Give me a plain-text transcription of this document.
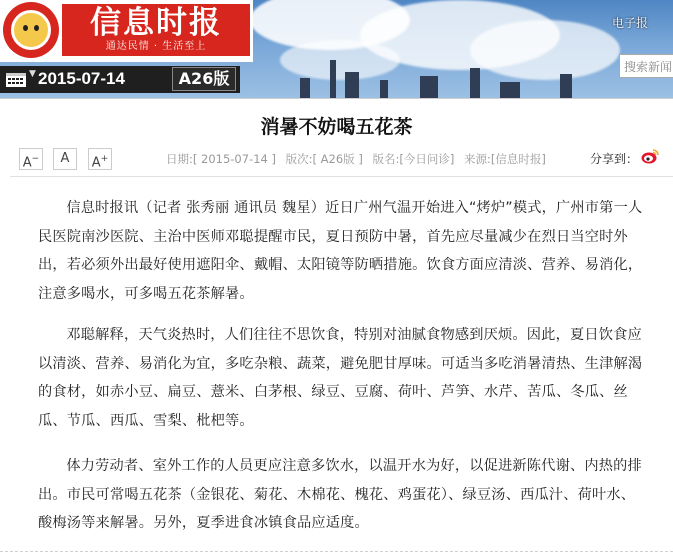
信息时报
通达民情 · 生活至上
▼ 2015-07-14	A26版
电子报
搜索新闻
消暑不妨喝五花茶
A−	A	A+	日期:[ 2015-07-14 ] 版次:[ A26版 ] 版名:[今日问诊] 来源:[信息时报]	分享到：

信息时报讯（记者 张秀丽 通讯员 魏星）近日广州气温开始进入“烤炉”模式，广州市第一人民医院南沙医院、主治中医师邓聪提醒市民，夏日预防中暑，首先应尽量减少在烈日当空时外出，若必须外出最好使用遮阳伞、戴帽、太阳镜等防晒措施。饮食方面应清淡、营养、易消化，注意多喝水，可多喝五花茶解暑。

邓聪解释，天气炎热时，人们往往不思饮食，特别对油腻食物感到厌烦。因此，夏日饮食应以清淡、营养、易消化为宜，多吃杂粮、蔬菜，避免肥甘厚味。可适当多吃消暑清热、生津解渴的食材，如赤小豆、扁豆、薏米、白茅根、绿豆、豆腐、荷叶、芦笋、水芹、苦瓜、冬瓜、丝瓜、节瓜、西瓜、雪梨、枇杷等。

体力劳动者、室外工作的人员更应注意多饮水，以温开水为好，以促进新陈代谢、内热的排出。市民可常喝五花茶（金银花、菊花、木棉花、槐花、鸡蛋花）、绿豆汤、西瓜汁、荷叶水、酸梅汤等来解暑。另外，夏季进食冰镇食品应适度。
